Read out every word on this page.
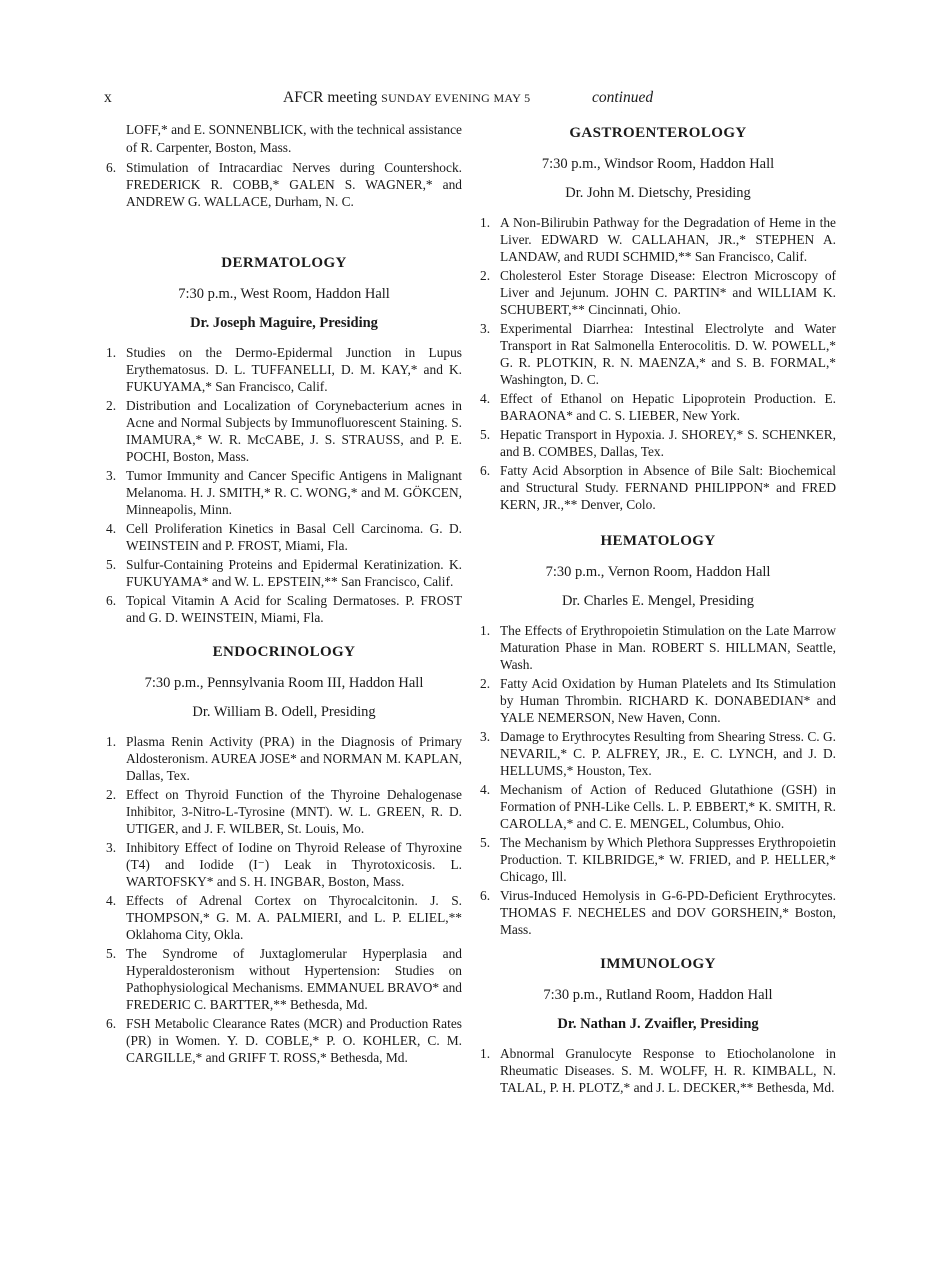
x	AFCR meeting SUNDAY EVENING MAY 5	continued
LOFF,* and E. SONNENBLICK, with the technical assistance of R. Carpenter, Boston, Mass.
6. Stimulation of Intracardiac Nerves during Countershock. FREDERICK R. COBB,* GALEN S. WAGNER,* and ANDREW G. WALLACE, Durham, N. C.
DERMATOLOGY

7:30 p.m., West Room, Haddon Hall

Dr. Joseph Maguire, Presiding

1. Studies on the Dermo-Epidermal Junction in Lupus Erythematosus. D. L. TUFFANELLI, D. M. KAY,* and K. FUKUYAMA,* San Francisco, Calif.
2. Distribution and Localization of Corynebacterium acnes in Acne and Normal Subjects by Immunofluorescent Staining. S. IMAMURA,* W. R. McCABE, J. S. STRAUSS, and P. E. POCHI, Boston, Mass.
3. Tumor Immunity and Cancer Specific Antigens in Malignant Melanoma. H. J. SMITH,* R. C. WONG,* and M. GÖKCEN, Minneapolis, Minn.
4. Cell Proliferation Kinetics in Basal Cell Carcinoma. G. D. WEINSTEIN and P. FROST, Miami, Fla.
5. Sulfur-Containing Proteins and Epidermal Keratinization. K. FUKUYAMA* and W. L. EPSTEIN,** San Francisco, Calif.
6. Topical Vitamin A Acid for Scaling Dermatoses. P. FROST and G. D. WEINSTEIN, Miami, Fla.
ENDOCRINOLOGY

7:30 p.m., Pennsylvania Room III, Haddon Hall

Dr. William B. Odell, Presiding

1. Plasma Renin Activity (PRA) in the Diagnosis of Primary Aldosteronism. AUREA JOSE* and NORMAN M. KAPLAN, Dallas, Tex.
2. Effect on Thyroid Function of the Thyroine Dehalogenase Inhibitor, 3-Nitro-L-Tyrosine (MNT). W. L. GREEN, R. D. UTIGER, and J. F. WILBER, St. Louis, Mo.
3. Inhibitory Effect of Iodine on Thyroid Release of Thyroxine (T4) and Iodide (I⁻) Leak in Thyrotoxicosis. L. WARTOFSKY* and S. H. INGBAR, Boston, Mass.
4. Effects of Adrenal Cortex on Thyrocalcitonin. J. S. THOMPSON,* G. M. A. PALMIERI, and L. P. ELIEL,** Oklahoma City, Okla.
5. The Syndrome of Juxtaglomerular Hyperplasia and Hyperaldosteronism without Hypertension: Studies on Pathophysiological Mechanisms. EMMANUEL BRAVO* and FREDERIC C. BARTTER,** Bethesda, Md.
6. FSH Metabolic Clearance Rates (MCR) and Production Rates (PR) in Women. Y. D. COBLE,* P. O. KOHLER, C. M. CARGILLE,* and GRIFF T. ROSS,* Bethesda, Md.
GASTROENTEROLOGY

7:30 p.m., Windsor Room, Haddon Hall

Dr. John M. Dietschy, Presiding

1. A Non-Bilirubin Pathway for the Degradation of Heme in the Liver. EDWARD W. CALLAHAN, JR.,* STEPHEN A. LANDAW, and RUDI SCHMID,** San Francisco, Calif.
2. Cholesterol Ester Storage Disease: Electron Microscopy of Liver and Jejunum. JOHN C. PARTIN* and WILLIAM K. SCHUBERT,** Cincinnati, Ohio.
3. Experimental Diarrhea: Intestinal Electrolyte and Water Transport in Rat Salmonella Enterocolitis. D. W. POWELL,* G. R. PLOTKIN, R. N. MAENZA,* and S. B. FORMAL,* Washington, D. C.
4. Effect of Ethanol on Hepatic Lipoprotein Production. E. BARAONA* and C. S. LIEBER, New York.
5. Hepatic Transport in Hypoxia. J. SHOREY,* S. SCHENKER, and B. COMBES, Dallas, Tex.
6. Fatty Acid Absorption in Absence of Bile Salt: Biochemical and Structural Study. FERNAND PHILIPPON* and FRED KERN, JR.,** Denver, Colo.
HEMATOLOGY

7:30 p.m., Vernon Room, Haddon Hall

Dr. Charles E. Mengel, Presiding

1. The Effects of Erythropoietin Stimulation on the Late Marrow Maturation Phase in Man. ROBERT S. HILLMAN, Seattle, Wash.
2. Fatty Acid Oxidation by Human Platelets and Its Stimulation by Human Thrombin. RICHARD K. DONABEDIAN* and YALE NEMERSON, New Haven, Conn.
3. Damage to Erythrocytes Resulting from Shearing Stress. C. G. NEVARIL,* C. P. ALFREY, JR., E. C. LYNCH, and J. D. HELLUMS,* Houston, Tex.
4. Mechanism of Action of Reduced Glutathione (GSH) in Formation of PNH-Like Cells. L. P. EBBERT,* K. SMITH, R. CAROLLA,* and C. E. MENGEL, Columbus, Ohio.
5. The Mechanism by Which Plethora Suppresses Erythropoietin Production. T. KILBRIDGE,* W. FRIED, and P. HELLER,* Chicago, Ill.
6. Virus-Induced Hemolysis in G-6-PD-Deficient Erythrocytes. THOMAS F. NECHELES and DOV GORSHEIN,* Boston, Mass.
IMMUNOLOGY

7:30 p.m., Rutland Room, Haddon Hall

Dr. Nathan J. Zvaifler, Presiding

1. Abnormal Granulocyte Response to Etiocholanolone in Rheumatic Diseases. S. M. WOLFF, H. R. KIMBALL, N. TALAL, P. H. PLOTZ,* and J. L. DECKER,** Bethesda, Md.
